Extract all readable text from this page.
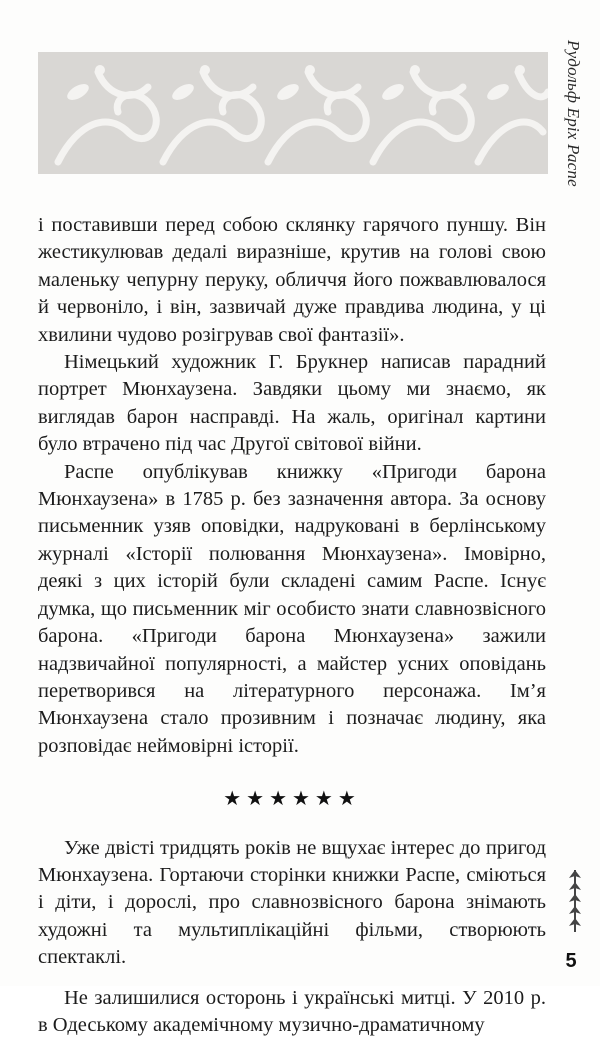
Рудольф Еріх Распе

і поставивши перед собою склянку гарячого пуншу. Він жестикулював дедалі виразніше, крутив на голові свою маленьку чепурну перуку, обличчя його пожвавлювалося й червоніло, і він, зазвичай дуже правдива людина, у ці хвилини чудово розігрував свої фантазії».

Німецький художник Г. Брукнер написав парадний портрет Мюнхаузена. Завдяки цьому ми знаємо, як виглядав барон насправді. На жаль, оригінал картини було втрачено під час Другої світової війни.

Распе опублікував книжку «Пригоди барона Мюнхаузена» в 1785 р. без зазначення автора. За основу письменник узяв оповідки, надруковані в берлінському журналі «Історії полювання Мюнхаузена». Імовірно, деякі з цих історій були складені самим Распе. Існує думка, що письменник міг особисто знати славнозвісного барона. «Пригоди барона Мюнхаузена» зажили надзвичайної популярності, а майстер усних оповідань перетворився на літературного персонажа. Ім’я Мюнхаузена стало прозивним і позначає людину, яка розповідає неймовірні історії.

★★★★★★

Уже двісті тридцять років не вщухає інтерес до пригод Мюнхаузена. Гортаючи сторінки книжки Распе, сміються і діти, і дорослі, про славнозвісного барона знімають художні та мультиплікаційні фільми, створюють спектаклі.

Не залишилися осторонь і українські митці. У 2010 р. в Одеському академічному музично-драматичному

5
